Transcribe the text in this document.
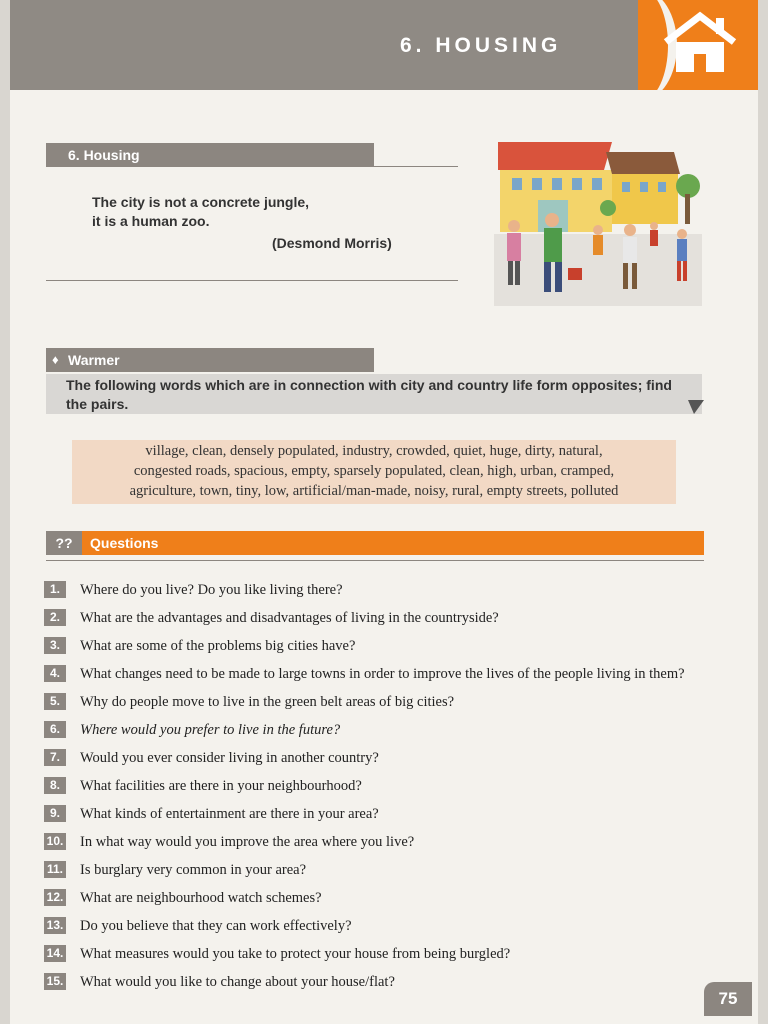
6. HOUSING
6. Housing
The city is not a concrete jungle,
it is a human zoo.
(Desmond Morris)
♦ Warmer
The following words which are in connection with city and country life form opposites; find the pairs.
village, clean, densely populated, industry, crowded, quiet, huge, dirty, natural,
congested roads, spacious, empty, sparsely populated, clean, high, urban, cramped,
agriculture, town, tiny, low, artificial/man-made, noisy, rural, empty streets, polluted
??	Questions
1.	Where do you live? Do you like living there?
2.	What are the advantages and disadvantages of living in the countryside?
3.	What are some of the problems big cities have?
4.	What changes need to be made to large towns in order to improve the lives of the people living in them?
5.	Why do people move to live in the green belt areas of big cities?
6.	Where would you prefer to live in the future?
7.	Would you ever consider living in another country?
8.	What facilities are there in your neighbourhood?
9.	What kinds of entertainment are there in your area?
10. In what way would you improve the area where you live?
11. Is burglary very common in your area?
12. What are neighbourhood watch schemes?
13. Do you believe that they can work effectively?
14. What measures would you take to protect your house from being burgled?
15. What would you like to change about your house/flat?
75
